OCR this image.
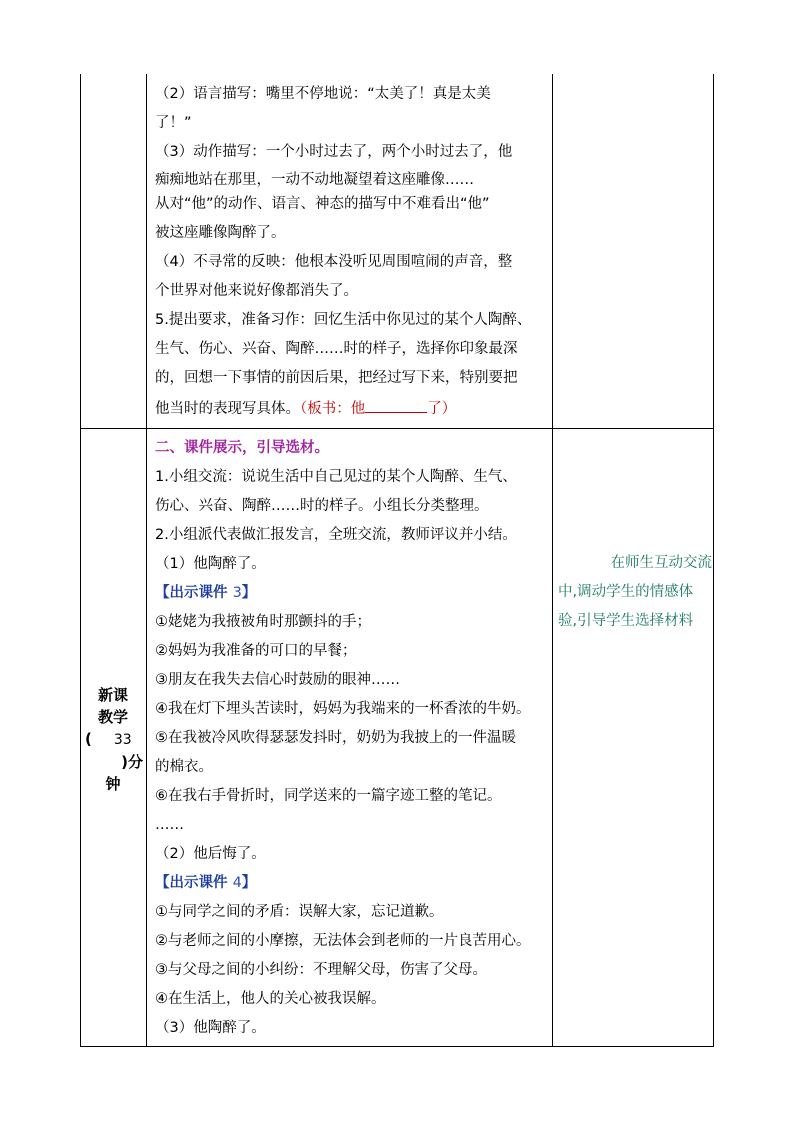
新课
教学
( 33
)分
钟
（2）语言描写：嘴里不停地说：“太美了！真是太美
了！”
（3）动作描写：一个小时过去了，两个小时过去了，他
痴痴地站在那里，一动不动地凝望着这座雕像……
从对“他”的动作、语言、神态的描写中不难看出“他”
被这座雕像陶醉了。
（4）不寻常的反映：他根本没听见周围喧闹的声音，整
个世界对他来说好像都消失了。
5.提出要求，准备习作：回忆生活中你见过的某个人陶醉、
生气、伤心、兴奋、陶醉……时的样子，选择你印象最深
的，回想一下事情的前因后果，把经过写下来，特别要把
他当时的表现写具体。（板书：他	了）
二、课件展示，引导选材。
1.小组交流：说说生活中自己见过的某个人陶醉、生气、
伤心、兴奋、陶醉……时的样子。小组长分类整理。
2.小组派代表做汇报发言，全班交流，教师评议并小结。
（1）他陶醉了。
【出示课件 3】
①姥姥为我掖被角时那颤抖的手；
②妈妈为我准备的可口的早餐；
③朋友在我失去信心时鼓励的眼神……
④我在灯下埋头苦读时，妈妈为我端来的一杯香浓的牛奶。
⑤在我被冷风吹得瑟瑟发抖时，奶奶为我披上的一件温暖
的棉衣。
⑥在我右手骨折时，同学送来的一篇字迹工整的笔记。
……
（2）他后悔了。
【出示课件 4】
①与同学之间的矛盾：误解大家，忘记道歉。
②与老师之间的小摩擦，无法体会到老师的一片良苦用心。
③与父母之间的小纠纷：不理解父母，伤害了父母。
④在生活上，他人的关心被我误解。
（3）他陶醉了。
在师生互动交流
中,调动学生的情感体
验,引导学生选择材料
